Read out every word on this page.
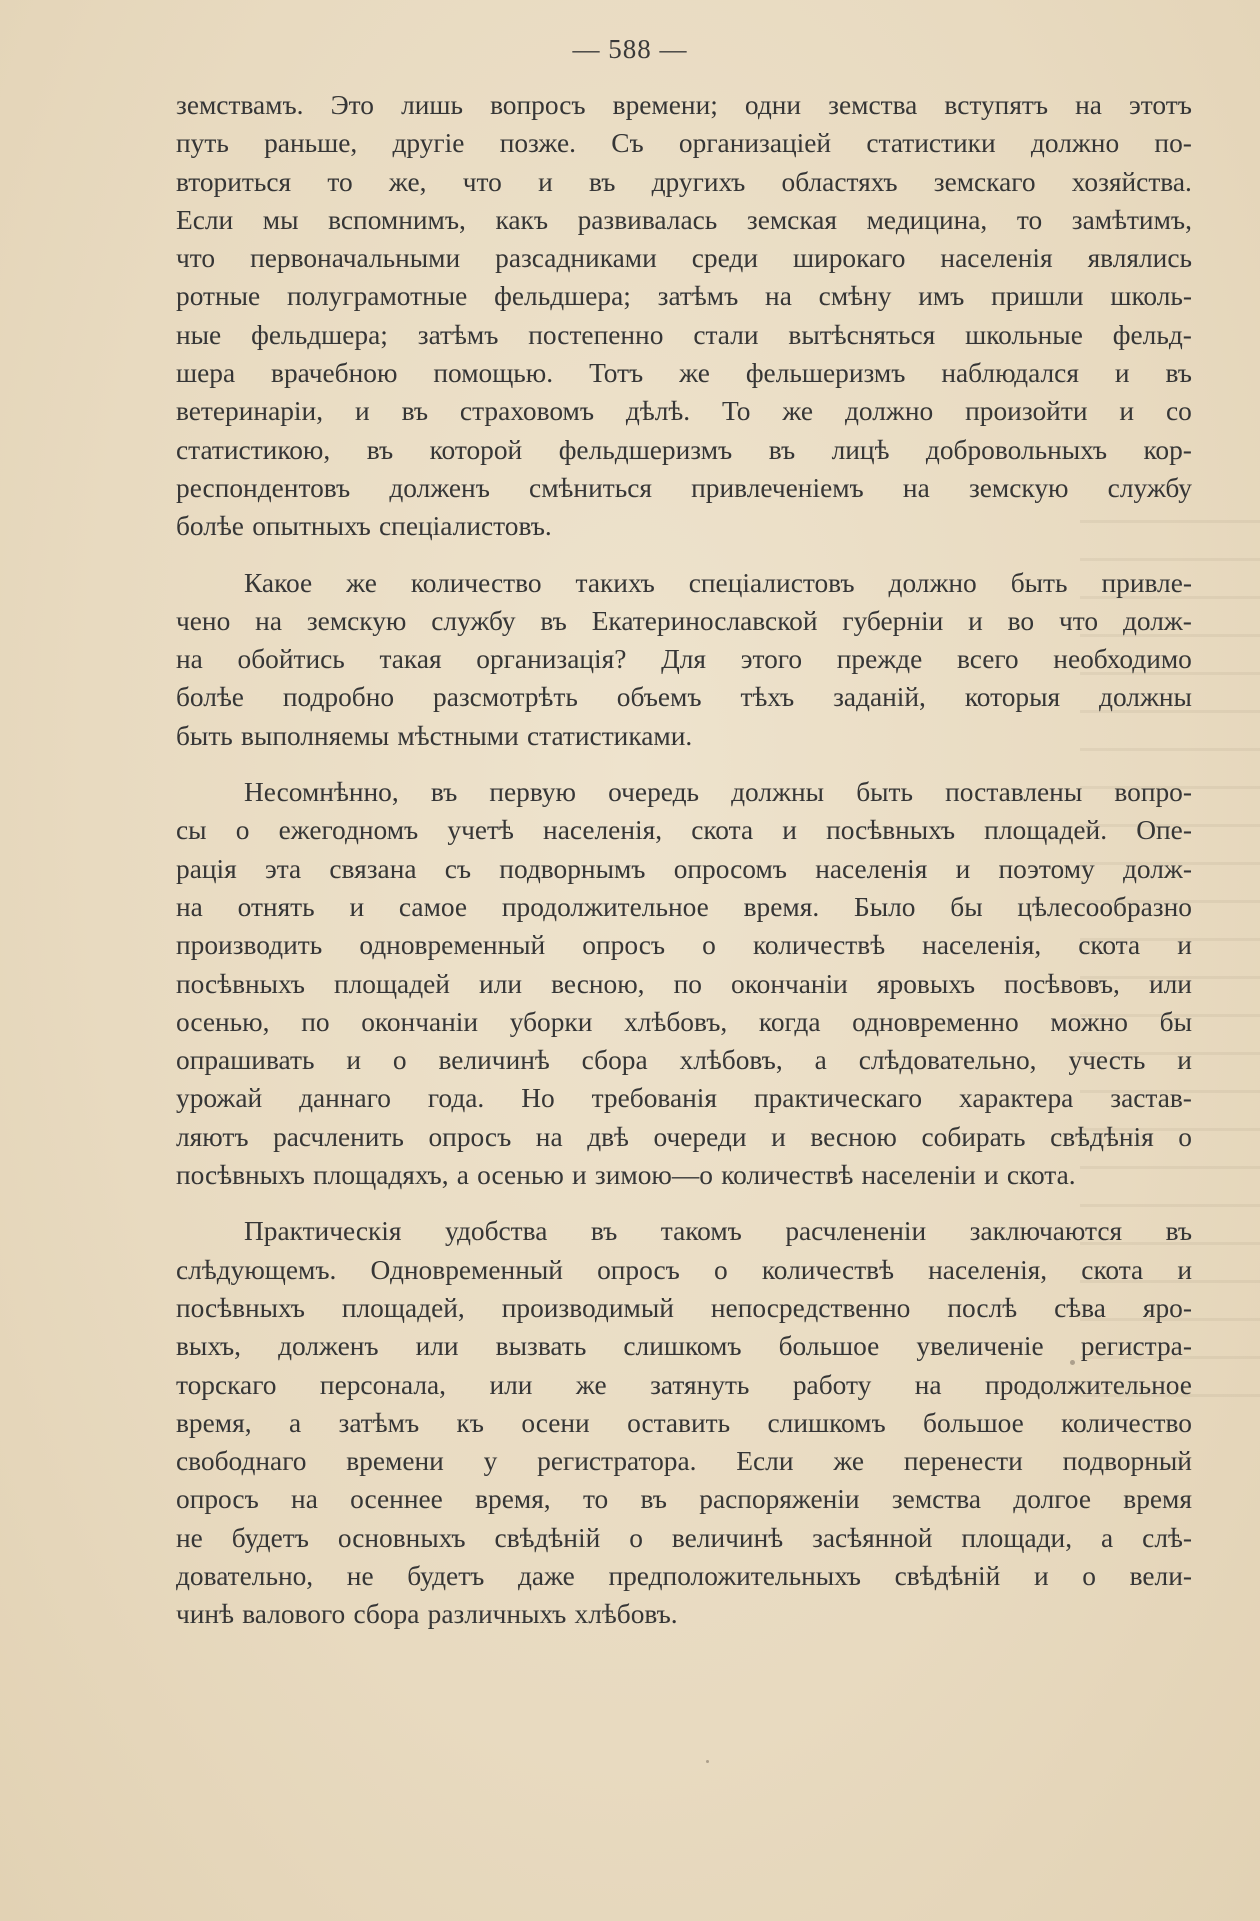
— 588 —
земствамъ. Это лишь вопросъ времени; одни земства вступятъ на этотъ
путь раньше, другіе позже. Съ организаціей статистики должно по-
вториться то же, что и въ другихъ областяхъ земскаго хозяйства.
Если мы вспомнимъ, какъ развивалась земская медицина, то замѣтимъ,
что первоначальными разсадниками среди широкаго населенія являлись
ротные полуграмотные фельдшера; затѣмъ на смѣну имъ пришли школь-
ные фельдшера; затѣмъ постепенно стали вытѣсняться школьные фельд-
шера врачебною помощью. Тотъ же фельшеризмъ наблюдался и въ
ветеринаріи, и въ страховомъ дѣлѣ. То же должно произойти и со
статистикою, въ которой фельдшеризмъ въ лицѣ добровольныхъ кор-
респондентовъ долженъ смѣниться привлеченіемъ на земскую службу
болѣе опытныхъ спеціалистовъ.
Какое же количество такихъ спеціалистовъ должно быть привле-
чено на земскую службу въ Екатеринославской губерніи и во что долж-
на обойтись такая организація? Для этого прежде всего необходимо
болѣе подробно разсмотрѣть объемъ тѣхъ заданій, которыя должны
быть выполняемы мѣстными статистиками.
Несомнѣнно, въ первую очередь должны быть поставлены вопро-
сы о ежегодномъ учетѣ населенія, скота и посѣвныхъ площадей. Опе-
рація эта связана съ подворнымъ опросомъ населенія и поэтому долж-
на отнять и самое продолжительное время. Было бы цѣлесообразно
производить одновременный опросъ о количествѣ населенія, скота и
посѣвныхъ площадей или весною, по окончаніи яровыхъ посѣвовъ, или
осенью, по окончаніи уборки хлѣбовъ, когда одновременно можно бы
опрашивать и о величинѣ сбора хлѣбовъ, а слѣдовательно, учесть и
урожай даннаго года. Но требованія практическаго характера застав-
ляютъ расчленить опросъ на двѣ очереди и весною собирать свѣдѣнія о
посѣвныхъ площадяхъ, а осенью и зимою—о количествѣ населеніи и скота.
Практическія удобства въ такомъ расчлененіи заключаются въ
слѣдующемъ. Одновременный опросъ о количествѣ населенія, скота и
посѣвныхъ площадей, производимый непосредственно послѣ сѣва яро-
выхъ, долженъ или вызвать слишкомъ большое увеличеніе регистра-
торскаго персонала, или же затянуть работу на продолжительное
время, а затѣмъ къ осени оставить слишкомъ большое количество
свободнаго времени у регистратора. Если же перенести подворный
опросъ на осеннее время, то въ распоряженіи земства долгое время
не будетъ основныхъ свѣдѣній о величинѣ засѣянной площади, а слѣ-
довательно, не будетъ даже предположительныхъ свѣдѣній и о вели-
чинѣ валового сбора различныхъ хлѣбовъ.
